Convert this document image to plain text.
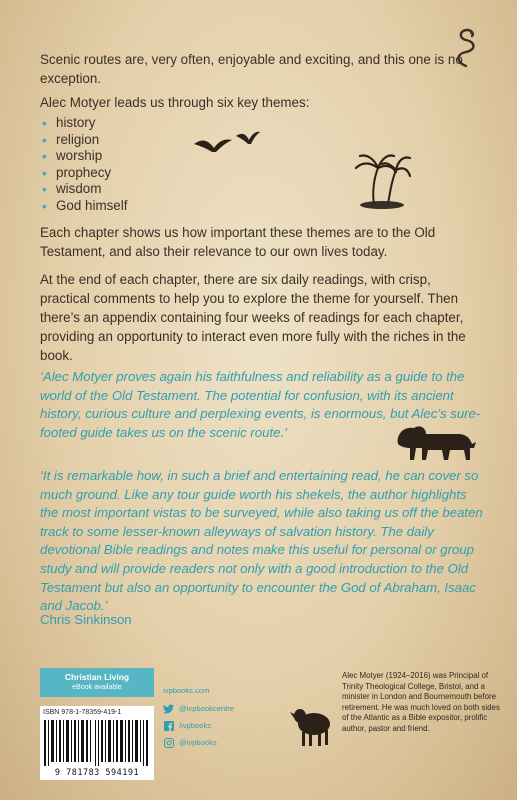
Scenic routes are, very often, enjoyable and exciting, and this one is no exception.

Alec Motyer leads us through six key themes:

• history
• religion
• worship
• prophecy
• wisdom
• God himself

Each chapter shows us how important these themes are to the Old Testament, and also their relevance to our own lives today.

At the end of each chapter, there are six daily readings, with crisp, practical comments to help you to explore the theme for yourself. Then there’s an appendix containing four weeks of readings for each chapter, providing an opportunity to interact even more fully with the riches in the book.

‘Alec Motyer proves again his faithfulness and reliability as a guide to the world of the Old Testament. The potential for confusion, with its ancient history, curious culture and perplexing events, is enormous, but Alec’s sure-footed guide takes us on the scenic route.’

‘It is remarkable how, in such a brief and entertaining read, he can cover so much ground. Like any tour guide worth his shekels, the author highlights the most important vistas to be surveyed, while also taking us off the beaten track to some lesser-known alleyways of salvation history. The daily devotional Bible readings and notes make this useful for personal or group study and will provide readers not only with a good introduction to the Old Testament but also an opportunity to encounter the God of Abraham, Isaac and Jacob.’

Chris Sinkinson

Christian Living
eBook available
ISBN 978-1-78359-419-1
9 781783 594191
ivpbooks.com
@ivpbookcentre
/ivpbooks
@ivpbooks

Alec Motyer (1924–2016) was Principal of Trinity Theological College, Bristol, and a minister in London and Bournemouth before retirement. He was much loved on both sides of the Atlantic as a Bible expositor, prolific author, pastor and friend.
